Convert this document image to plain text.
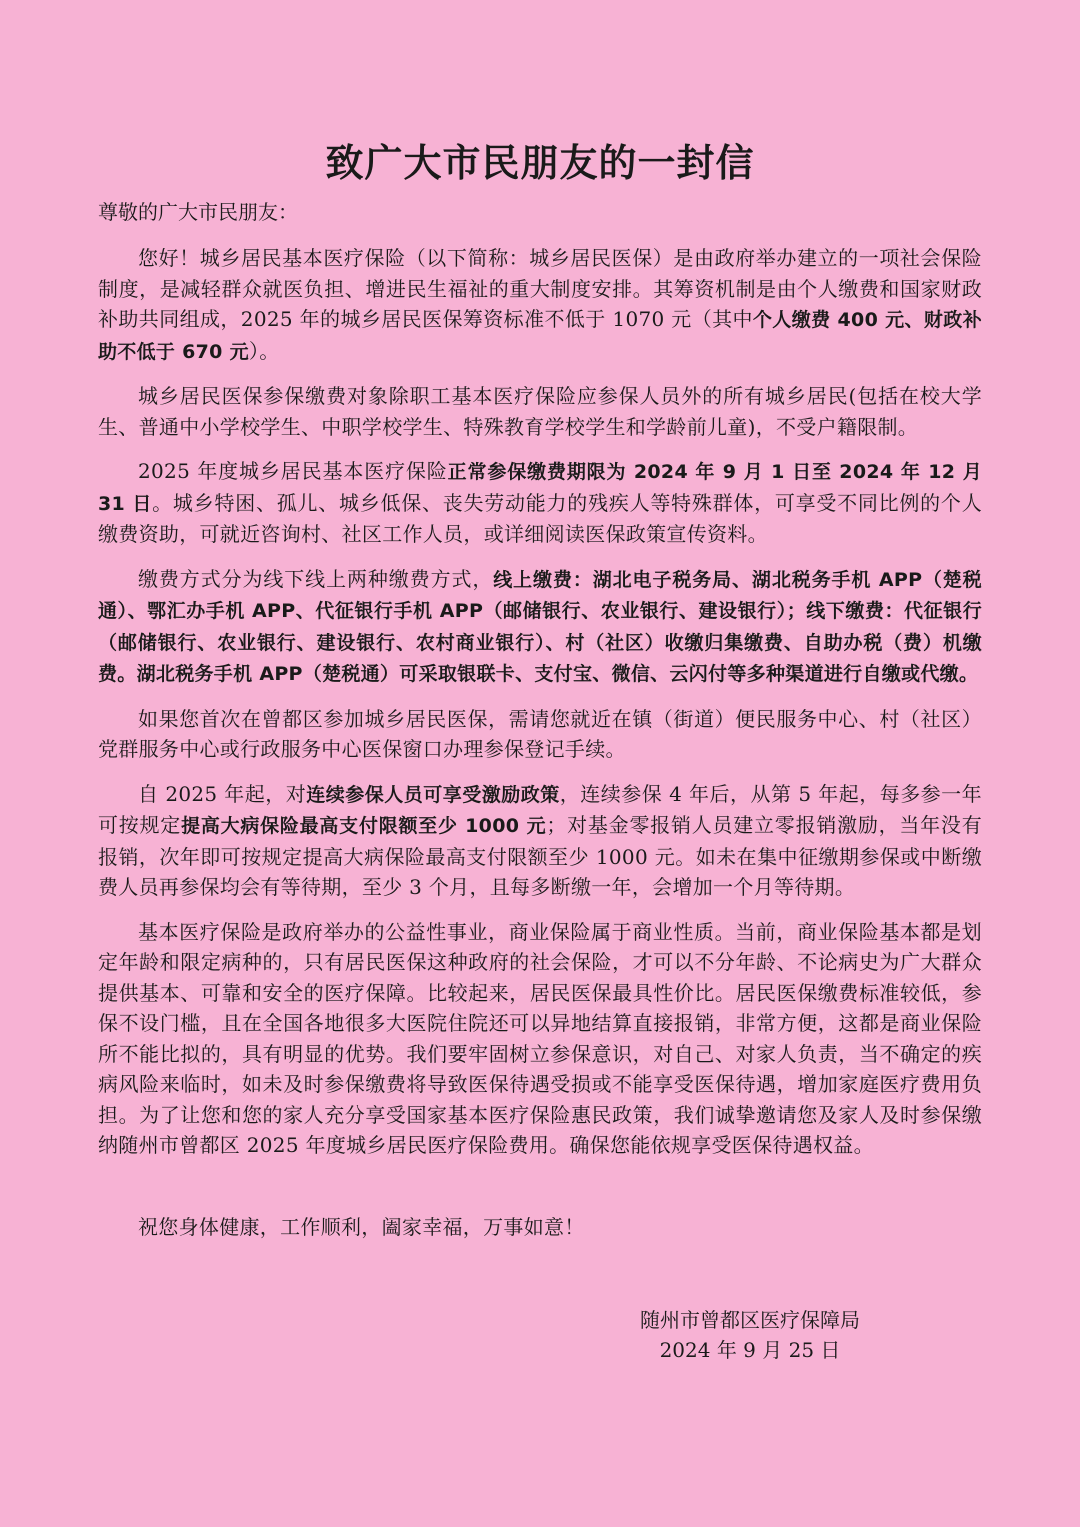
致广大市民朋友的一封信

尊敬的广大市民朋友：

您好！城乡居民基本医疗保险（以下简称：城乡居民医保）是由政府举办建立的一项社会保险制度，是减轻群众就医负担、增进民生福祉的重大制度安排。其筹资机制是由个人缴费和国家财政补助共同组成，2025 年的城乡居民医保筹资标准不低于 1070 元（其中个人缴费 400 元、财政补助不低于 670 元）。

城乡居民医保参保缴费对象除职工基本医疗保险应参保人员外的所有城乡居民(包括在校大学生、普通中小学校学生、中职学校学生、特殊教育学校学生和学龄前儿童)，不受户籍限制。

2025 年度城乡居民基本医疗保险正常参保缴费期限为 2024 年 9 月 1 日至 2024 年 12 月 31 日。城乡特困、孤儿、城乡低保、丧失劳动能力的残疾人等特殊群体，可享受不同比例的个人缴费资助，可就近咨询村、社区工作人员，或详细阅读医保政策宣传资料。

缴费方式分为线下线上两种缴费方式，线上缴费：湖北电子税务局、湖北税务手机 APP（楚税通）、鄂汇办手机 APP、代征银行手机 APP（邮储银行、农业银行、建设银行）；线下缴费：代征银行（邮储银行、农业银行、建设银行、农村商业银行）、村（社区）收缴归集缴费、自助办税（费）机缴费。湖北税务手机 APP（楚税通）可采取银联卡、支付宝、微信、云闪付等多种渠道进行自缴或代缴。

如果您首次在曾都区参加城乡居民医保，需请您就近在镇（街道）便民服务中心、村（社区）党群服务中心或行政服务中心医保窗口办理参保登记手续。

自 2025 年起，对连续参保人员可享受激励政策，连续参保 4 年后，从第 5 年起，每多参一年可按规定提高大病保险最高支付限额至少 1000 元；对基金零报销人员建立零报销激励，当年没有报销，次年即可按规定提高大病保险最高支付限额至少 1000 元。如未在集中征缴期参保或中断缴费人员再参保均会有等待期，至少 3 个月，且每多断缴一年，会增加一个月等待期。

基本医疗保险是政府举办的公益性事业，商业保险属于商业性质。当前，商业保险基本都是划定年龄和限定病种的，只有居民医保这种政府的社会保险，才可以不分年龄、不论病史为广大群众提供基本、可靠和安全的医疗保障。比较起来，居民医保最具性价比。居民医保缴费标准较低，参保不设门槛，且在全国各地很多大医院住院还可以异地结算直接报销，非常方便，这都是商业保险所不能比拟的，具有明显的优势。我们要牢固树立参保意识，对自己、对家人负责，当不确定的疾病风险来临时，如未及时参保缴费将导致医保待遇受损或不能享受医保待遇，增加家庭医疗费用负担。为了让您和您的家人充分享受国家基本医疗保险惠民政策，我们诚挚邀请您及家人及时参保缴纳随州市曾都区 2025 年度城乡居民医疗保险费用。确保您能依规享受医保待遇权益。

祝您身体健康，工作顺利，阖家幸福，万事如意！

随州市曾都区医疗保障局
2024 年 9 月 25 日
